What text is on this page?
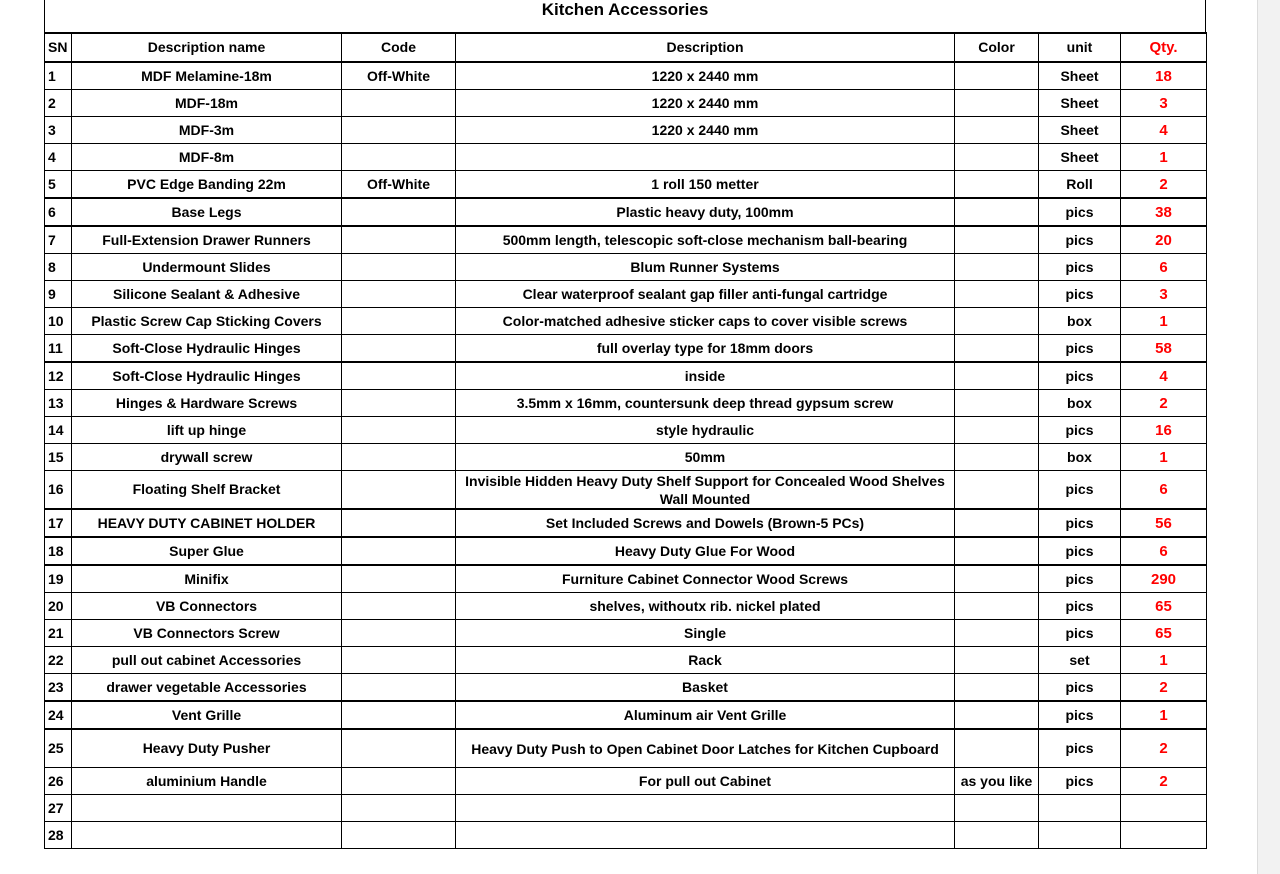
Kitchen Accessories
SN	Description name	Code	Description	Color	unit	Qty.
1	MDF Melamine-18m	Off-White	1220 x 2440 mm		Sheet	18
2	MDF-18m		1220 x 2440 mm		Sheet	3
3	MDF-3m		1220 x 2440 mm		Sheet	4
4	MDF-8m				Sheet	1
5	PVC Edge Banding 22m	Off-White	1 roll 150 metter		Roll	2
6	Base Legs		Plastic heavy duty, 100mm		pics	38
7	Full-Extension Drawer Runners		500mm length, telescopic soft-close mechanism ball-bearing		pics	20
8	Undermount Slides		Blum Runner Systems		pics	6
9	Silicone Sealant & Adhesive		Clear waterproof sealant gap filler anti-fungal cartridge		pics	3
10	Plastic Screw Cap Sticking Covers		Color-matched adhesive sticker caps to cover visible screws		box	1
11	Soft-Close Hydraulic Hinges		full overlay type for 18mm doors		pics	58
12	Soft-Close Hydraulic Hinges		inside		pics	4
13	Hinges & Hardware Screws		3.5mm x 16mm, countersunk deep thread gypsum screw		box	2
14	lift up hinge		style hydraulic		pics	16
15	drywall screw		50mm		box	1
16	Floating Shelf Bracket		Invisible Hidden Heavy Duty Shelf Support for Concealed Wood Shelves Wall Mounted		pics	6
17	HEAVY DUTY CABINET HOLDER		Set Included Screws and Dowels (Brown-5 PCs)		pics	56
18	Super Glue		Heavy Duty Glue For Wood		pics	6
19	Minifix		Furniture Cabinet Connector Wood Screws		pics	290
20	VB Connectors		shelves, withoutx rib. nickel plated		pics	65
21	VB Connectors Screw		Single		pics	65
22	pull out cabinet Accessories		Rack		set	1
23	drawer vegetable Accessories		Basket		pics	2
24	Vent Grille		Aluminum air Vent Grille		pics	1
25	Heavy Duty Pusher		Heavy Duty Push to Open Cabinet Door Latches for Kitchen Cupboard		pics	2
26	aluminium Handle		For pull out Cabinet	as you like	pics	2
27						
28						
